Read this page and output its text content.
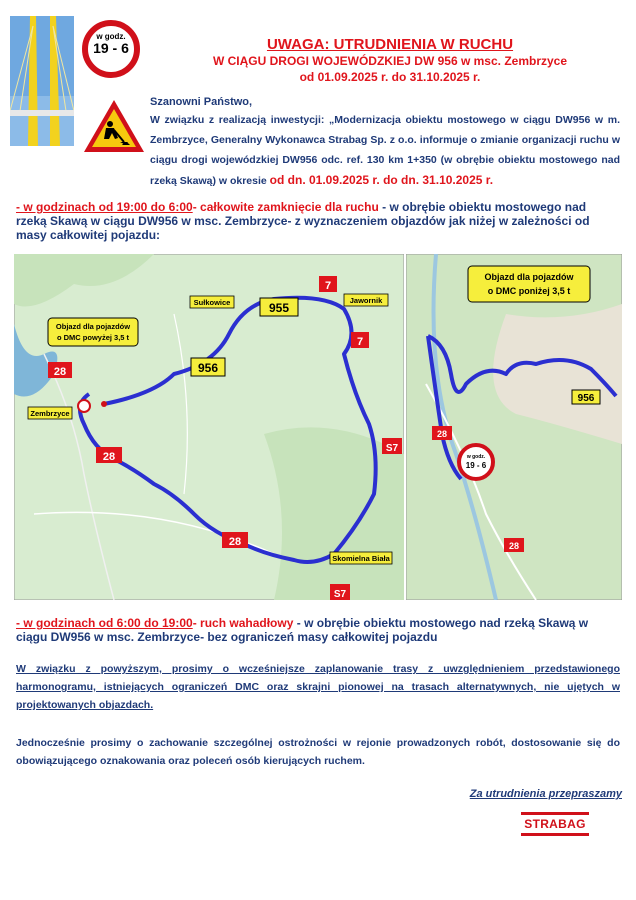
w godz.
19 - 6	UWAGA: UTRUDNIENIA W RUCHU
W CIĄGU DROGI WOJEWÓDZKIEJ DW 956 w msc. Zembrzyce
od 01.09.2025 r. do 31.10.2025 r.
Szanowni Państwo,
W związku z realizacją inwestycji: „Modernizacja obiektu mostowego w ciągu DW956 w m. Zembrzyce, Generalny Wykonawca Strabag Sp. z o.o. informuje o zmianie organizacji ruchu w ciągu drogi wojewódzkiej DW956 odc. ref. 130 km 1+350 (w obrębie obiektu mostowego nad rzeką Skawą) w okresie od dn. 01.09.2025 r. do dn. 31.10.2025 r.
- w godzinach od 19:00 do 6:00- całkowite zamknięcie dla ruchu - w obrębie obiektu mostowego nad rzeką Skawą w ciągu DW956 w msc. Zembrzyce- z wyznaczeniem objazdów jak niżej w zależności od masy całkowitej pojazdu:
Objazd dla pojazdów
o DMC powyżej 3,5 t
955
956
7
7
28
28
28
S7
S7
Sułkowice	Jawornik
Zembrzyce
Skomielna Biała
Objazd dla pojazdów
o DMC poniżej 3,5 t
956
28
28
w godz.
19 - 6
- w godzinach od 6:00 do 19:00- ruch wahadłowy - w obrębie obiektu mostowego nad rzeką Skawą w ciągu DW956 w msc. Zembrzyce- bez ograniczeń masy całkowitej pojazdu
W związku z powyższym, prosimy o wcześniejsze zaplanowanie trasy z uwzględnieniem przedstawionego harmonogramu, istniejących ograniczeń DMC oraz skrajni pionowej na trasach alternatywnych, nie ujętych w projektowanych objazdach.
Jednocześnie prosimy o zachowanie szczególnej ostrożności w rejonie prowadzonych robót, dostosowanie się do obowiązującego oznakowania oraz poleceń osób kierujących ruchem.
Za utrudnienia przepraszamy
STRABAG
